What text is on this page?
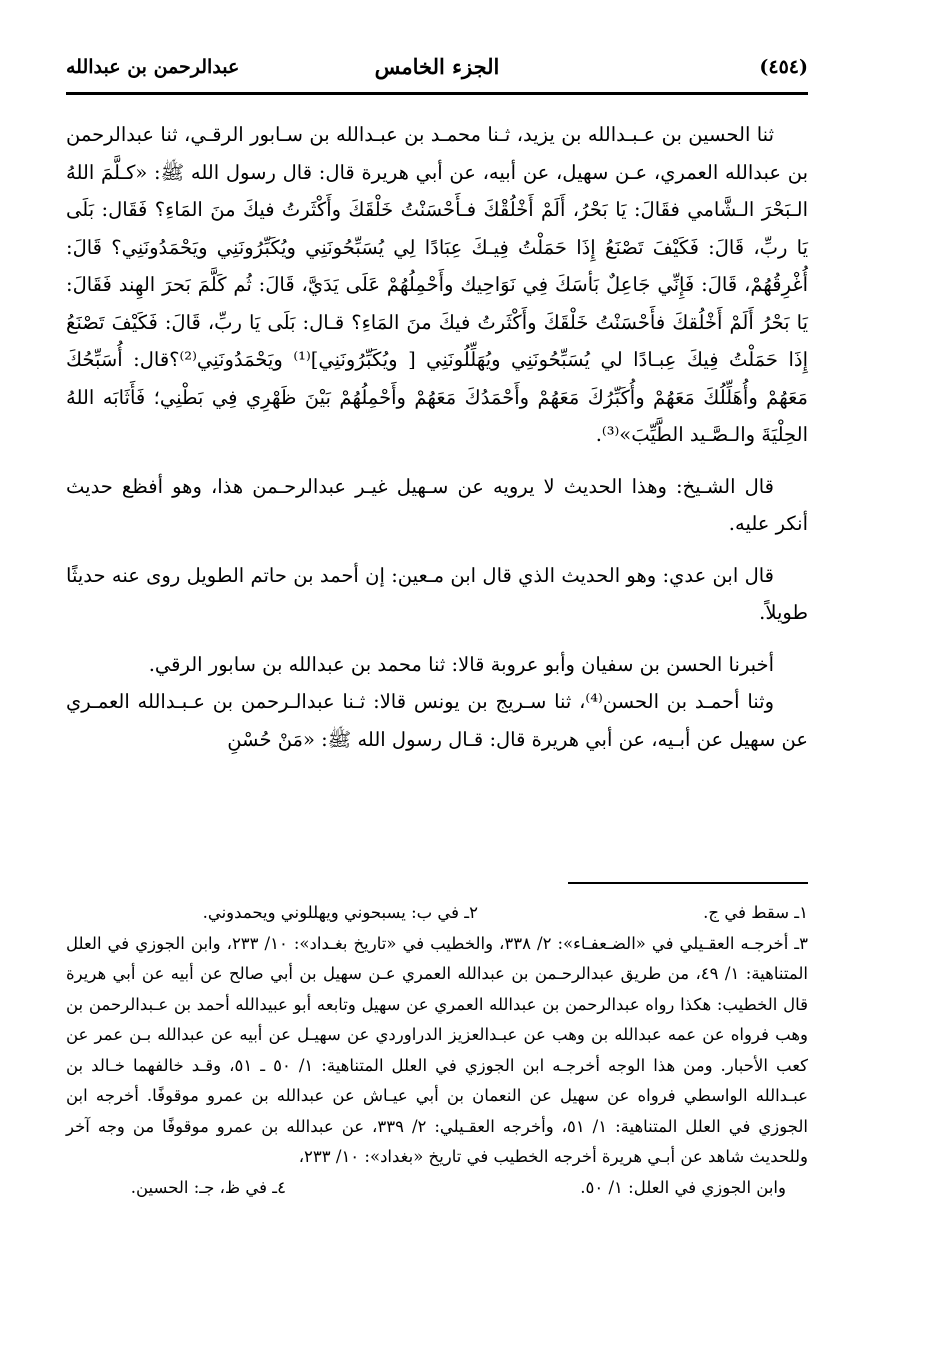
(٤٥٤)
الجزء الخامس
عبدالرحمن بن عبدالله

ثنا الحسين بن عـبـدالله بن يزيد، ثـنا محمـد بن عبـدالله بن سـابور الرقـي، ثنا عبدالرحمن بن عبدالله العمري، عـن سهيل، عن أبيه، عن أبي هريرة قال: قال رسول الله ﷺ: «كـلَّمَ اللهُ الـبَحْرَ الـشَّامي فقَالَ: يَا بَحْرُ، أَلَمْ أَخْلُقْكَ فـأَحْسَنْتُ خَلْقَكَ وأَكْثَرتُ فيكَ منَ المَاءِ؟ فَقَال: بَلَى يَا ربِّ، قَالَ: فَكَيْفَ تَصْنَعُ إِذَا حَمَلْتُ فِيـكَ عِبَادًا لِي يُسَبِّحُونَنِي ويُكَبِّرُونَنِي ويَحْمَدُونَنِي؟ قَالَ: أُغْرِقُهُمْ، قَالَ: فَإِنِّي جَاعِلٌ بَأسَكَ فِي نَوَاحِيك وأَحْمِلُهُمْ عَلَى يَدَيَّ، قَالَ: ثُم كَلَّمَ بَحرَ الهِند فَقَالَ: يَا بَحْرُ أَلَمْ أَخْلُقكَ فأَحْسَنْتُ خَلْقَكَ وأَكْثَرتُ فيكَ منَ المَاءِ؟ قـال: بَلَى يَا ربِّ، قَالَ: فَكَيْفَ تَصْنَعُ إِذَا حَمَلْتُ فِيكَ عِبـادًا لي يُسَبِّحُونَنِي ويُهَلِّلُونَنِي [ ويُكَبِّرُونَنِي]⁽¹⁾ ويَحْمَدُونَنِي⁽²⁾؟قال: أُسَبِّحُكَ مَعَهُمْ وأُهَلِّلُكَ مَعَهُمْ وأُكَبِّرُكَ مَعَهُمْ وأَحْمَدُكَ مَعَهُمْ وأَحْمِلُهُمْ بَيْنَ ظَهْرِي فِي بَطْنِي؛ فَأَثَابَه اللهُ الحِلْيَةَ والـصَّـيد الطَّيِّبَ»⁽³⁾.

قال الشـيخ: وهذا الحديث لا يرويه عن سـهيل غيـر عبدالرحـمن هذا، وهو أفظع حديث أنكر عليه.

قال ابن عدي: وهو الحديث الذي قال ابن مـعين: إن أحمد بن حاتم الطويل روى عنه حديثًا طويلاً.

أخبرنا الحسن بن سفيان وأبو عروبة قالا: ثنا محمد بن عبدالله بن سابور الرقي.

وثنا أحمـد بن الحسن⁽⁴⁾، ثنا سـريج بن يونس قالا: ثـنا عبدالـرحمن بن عـبـدالله العمـري عن سهيل عن أبـيه، عن أبي هريرة قال: قـال رسول الله ﷺ: «مَنْ حُسْنِ

١ـ سقط في ج.
٢ـ في ب: يسبحوني ويهللوني ويحمدوني.
٣ـ أخرجـه العقـيلي في «الضـعفـاء»: ٢/ ٣٣٨، والخطيب في «تاريخ بغـداد»: ١٠/ ٢٣٣، وابن الجوزي في العلل المتناهية: ١/ ٤٩، من طريق عبدالرحـمن بن عبدالله العمري عـن سهيل بن أبي صالح عن أبيه عن أبي هريرة قال الخطيب: هكذا رواه عبدالرحمن بن عبدالله العمري عن سهيل وتابعه أبو عبيدالله أحمد بن عـبدالرحمن بن وهب فرواه عن عمه عبدالله بن وهب عن عبـدالعزيز الدراوردي عن سهيـل عن أبيه عن عبدالله بـن عمر عن كعب الأحبار. ومن هذا الوجه أخرجـه ابن الجوزي في العلل المتناهية: ١/ ٥٠ ـ ٥١، وقـد خالفهما خـالد بن عبـدالله الواسطي فرواه عن سهيل عن النعمان بن أبي عيـاش عن عبدالله بن عمرو موقوفًا. أخرجه ابن الجوزي في العلل المتناهية: ١/ ٥١، وأخرجه العقـيلي: ٢/ ٣٣٩، عن عبدالله بن عمرو موقوفًا من وجه آخر وللحديث شاهد عن أبـي هريرة أخرجه الخطيب في تاريخ «بغداد»: ١٠/ ٢٣٣،
وابن الجوزي في العلل: ١/ ٥٠.
٤ـ في ظ، جـ: الحسين.
